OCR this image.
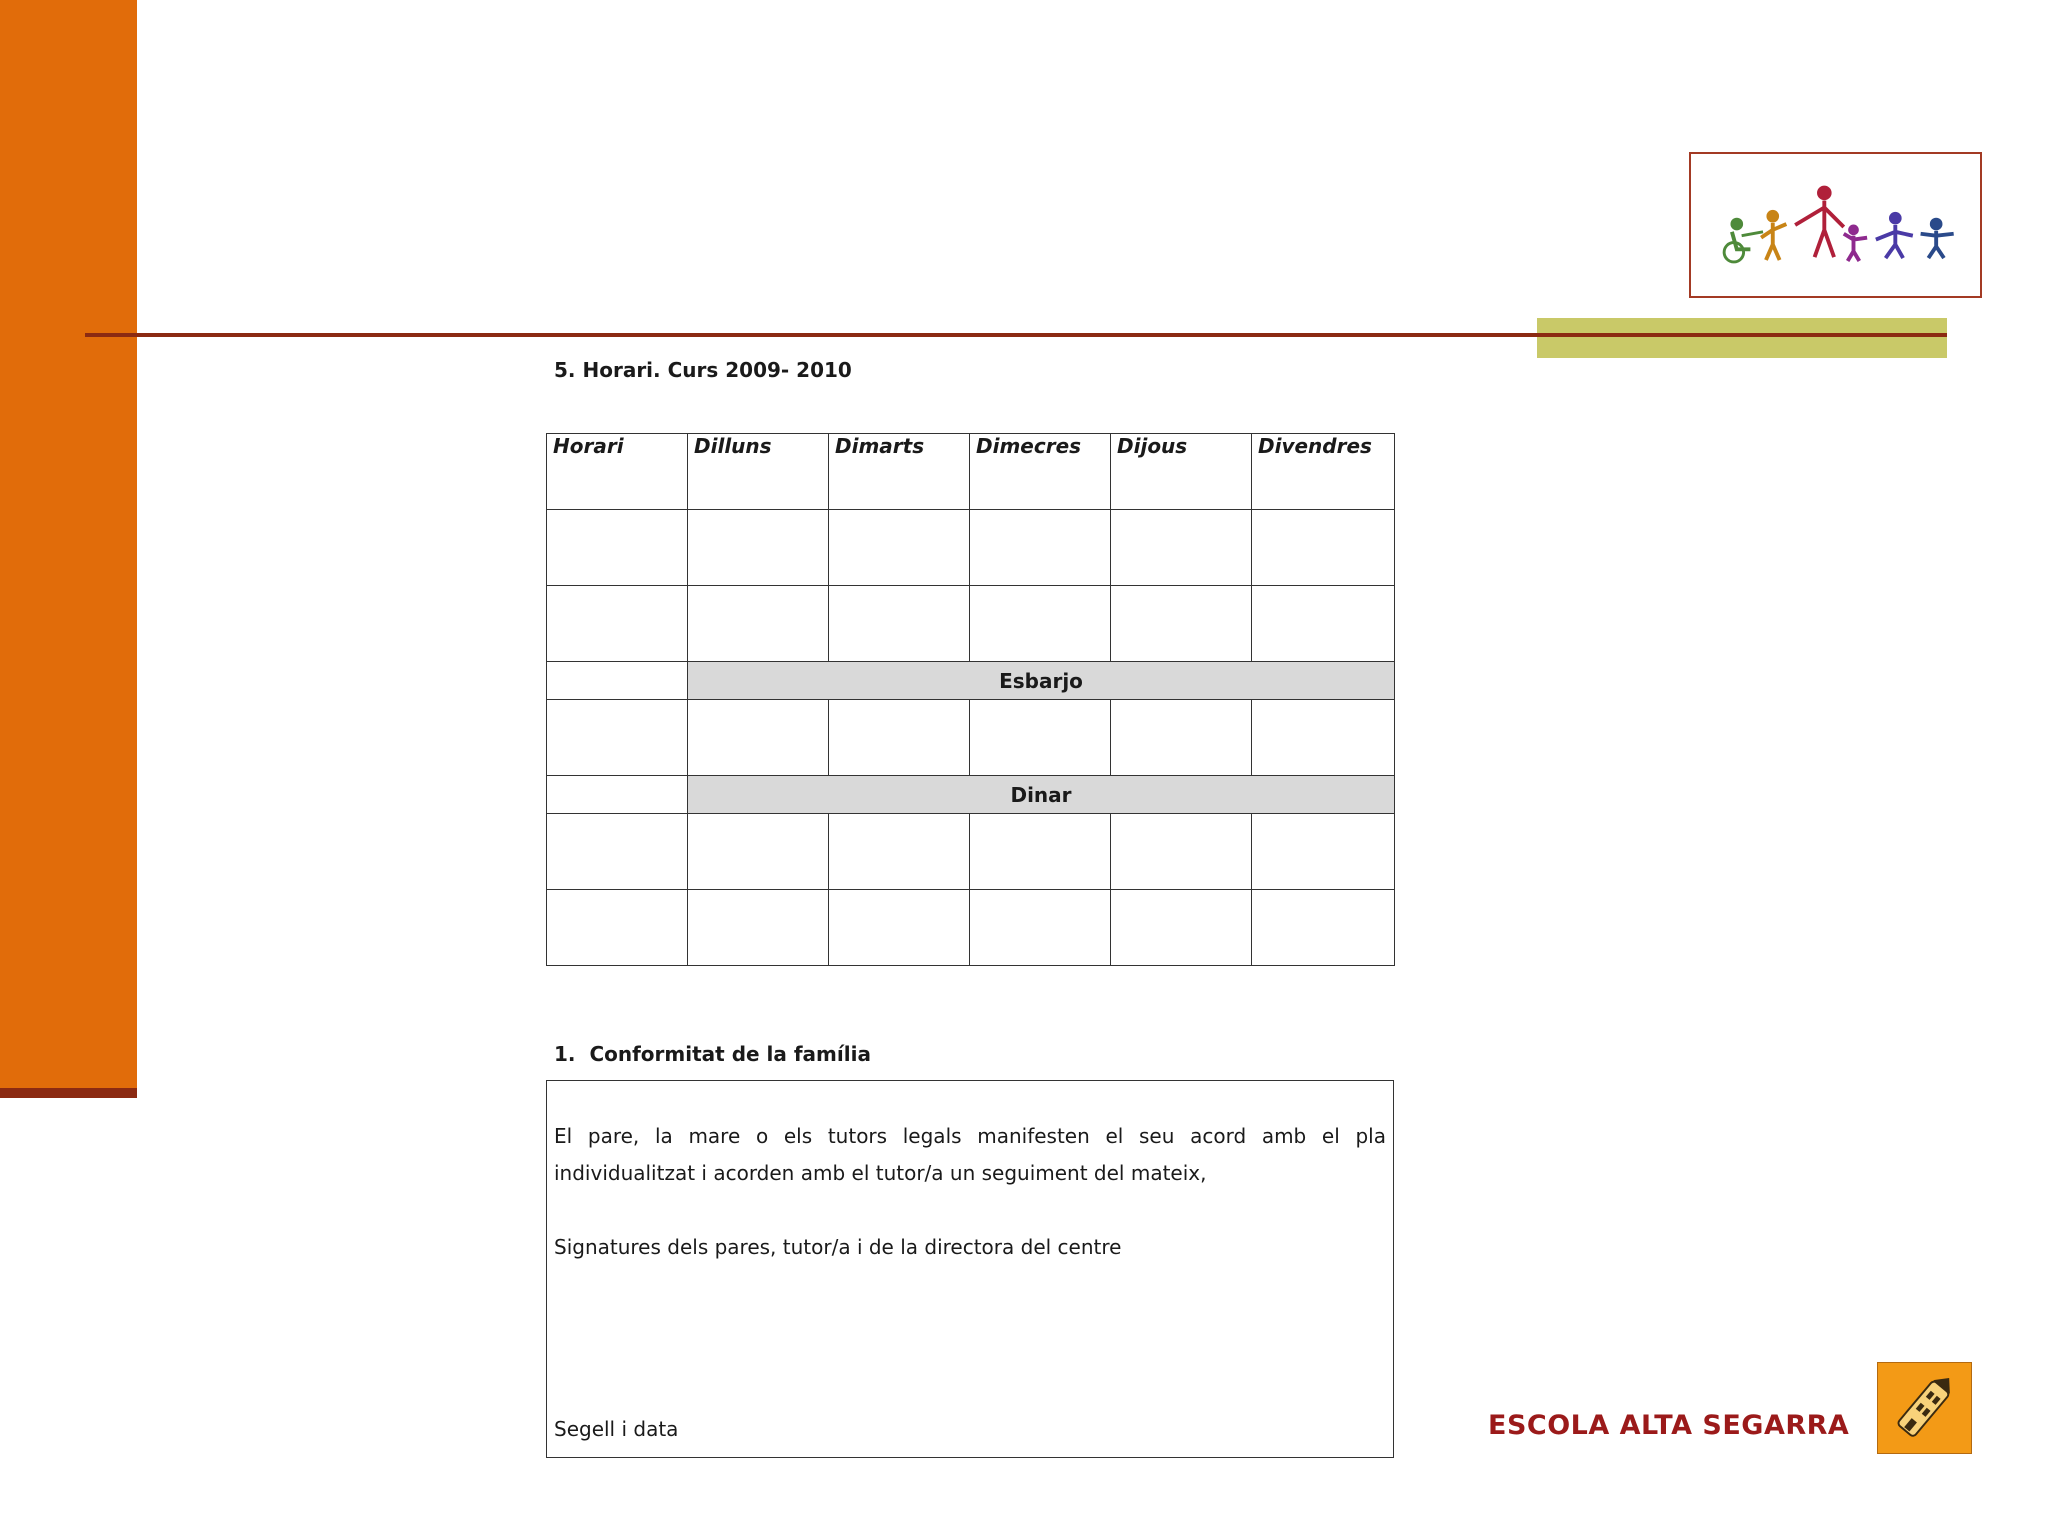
5. Horari. Curs 2009- 2010
Horari	Dilluns	Dimarts	Dimecres	Dijous	Divendres

	Esbarjo				

	Dinar				

1. Conformitat de la família

El pare, la mare o els tutors legals manifesten el seu acord amb el pla individualitzat i acorden amb el tutor/a un seguiment del mateix,

Signatures dels pares, tutor/a i de la directora del centre

Segell i data	ESCOLA ALTA SEGARRA
